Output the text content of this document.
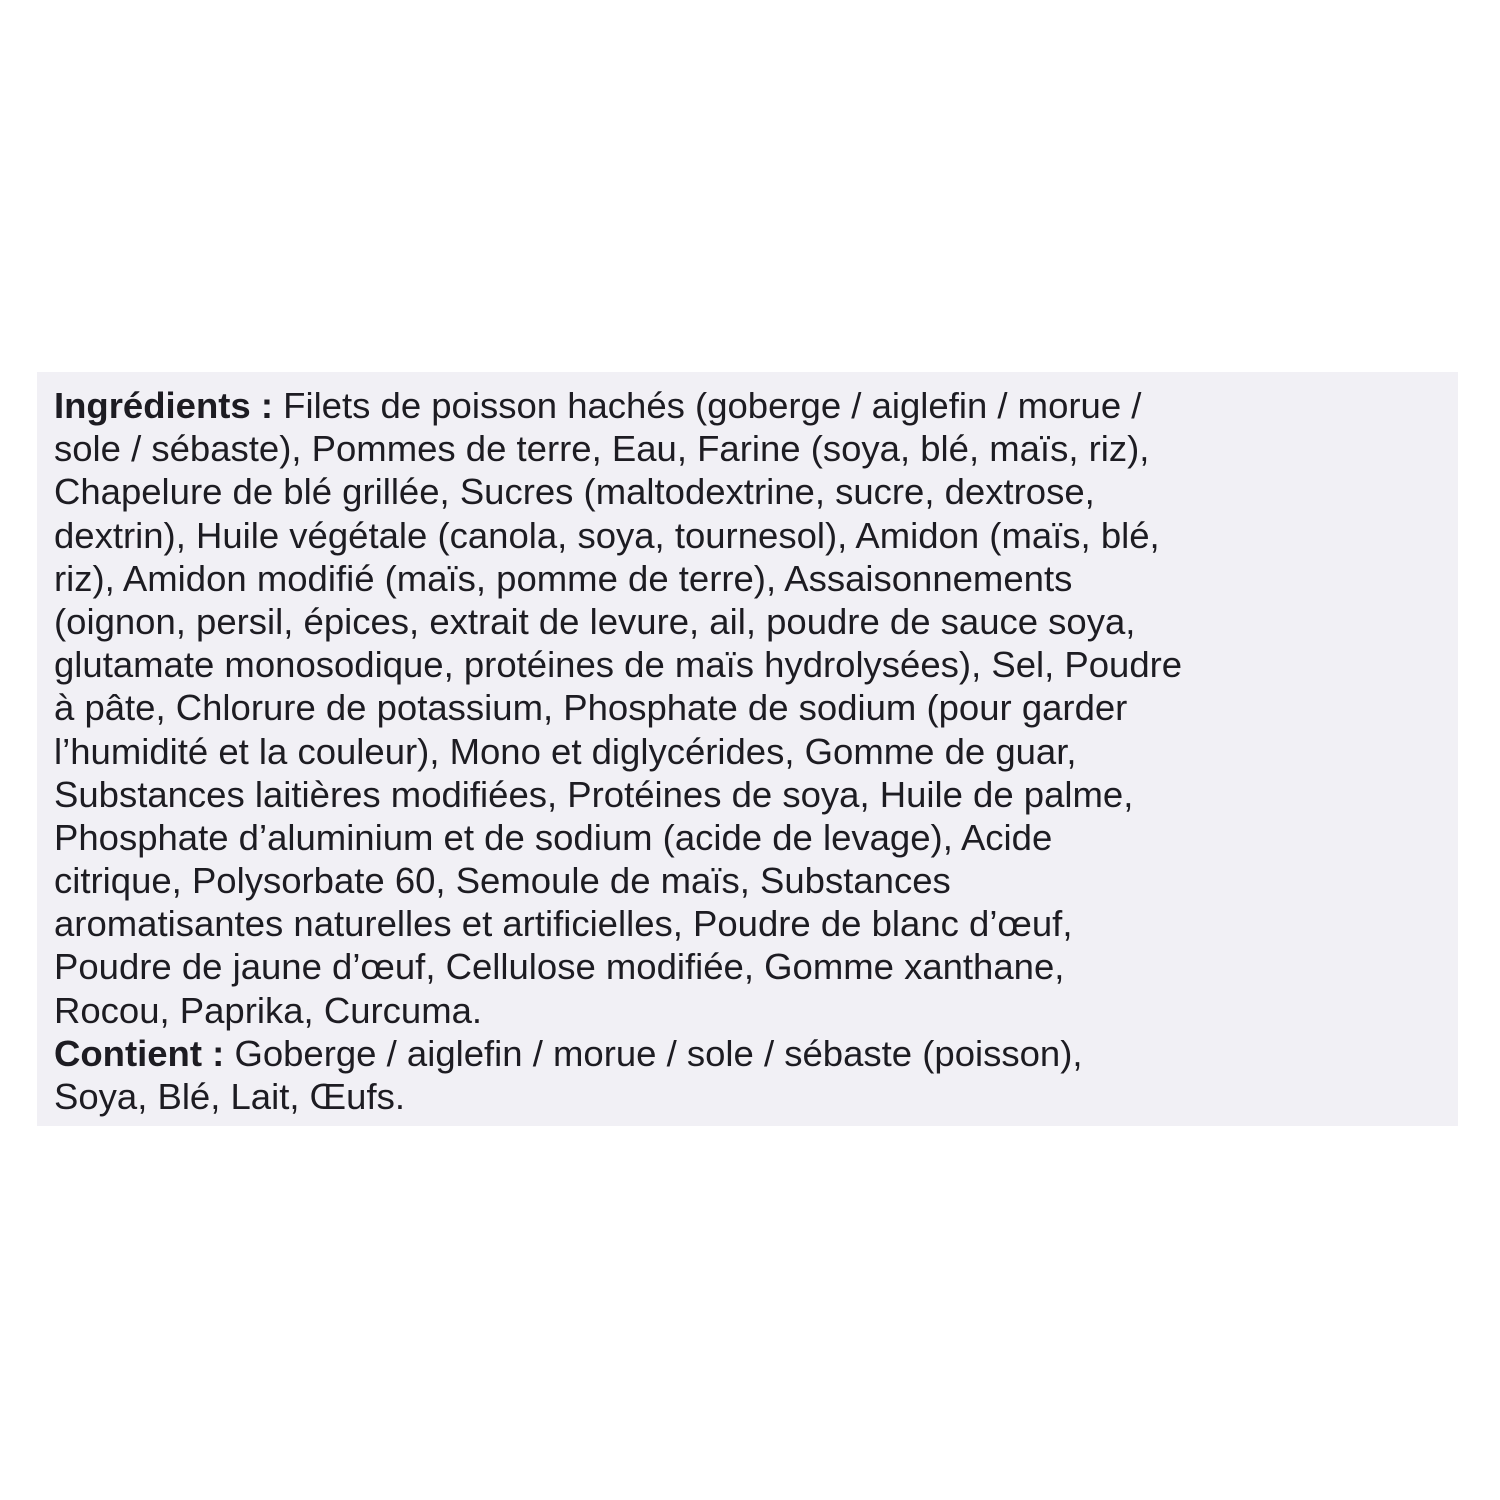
Ingrédients : Filets de poisson hachés (goberge / aiglefin / morue /
sole / sébaste), Pommes de terre, Eau, Farine (soya, blé, maïs, riz),
Chapelure de blé grillée, Sucres (maltodextrine, sucre, dextrose,
dextrin), Huile végétale (canola, soya, tournesol), Amidon (maïs, blé,
riz), Amidon modifié (maïs, pomme de terre), Assaisonnements
(oignon, persil, épices, extrait de levure, ail, poudre de sauce soya,
glutamate monosodique, protéines de maïs hydrolysées), Sel, Poudre
à pâte, Chlorure de potassium, Phosphate de sodium (pour garder
l’humidité et la couleur), Mono et diglycérides, Gomme de guar,
Substances laitières modifiées, Protéines de soya, Huile de palme,
Phosphate d’aluminium et de sodium (acide de levage), Acide
citrique, Polysorbate 60, Semoule de maïs, Substances
aromatisantes naturelles et artificielles, Poudre de blanc d’œuf,
Poudre de jaune d’œuf, Cellulose modifiée, Gomme xanthane,
Rocou, Paprika, Curcuma.
Contient : Goberge / aiglefin / morue / sole / sébaste (poisson),
Soya, Blé, Lait, Œufs.
